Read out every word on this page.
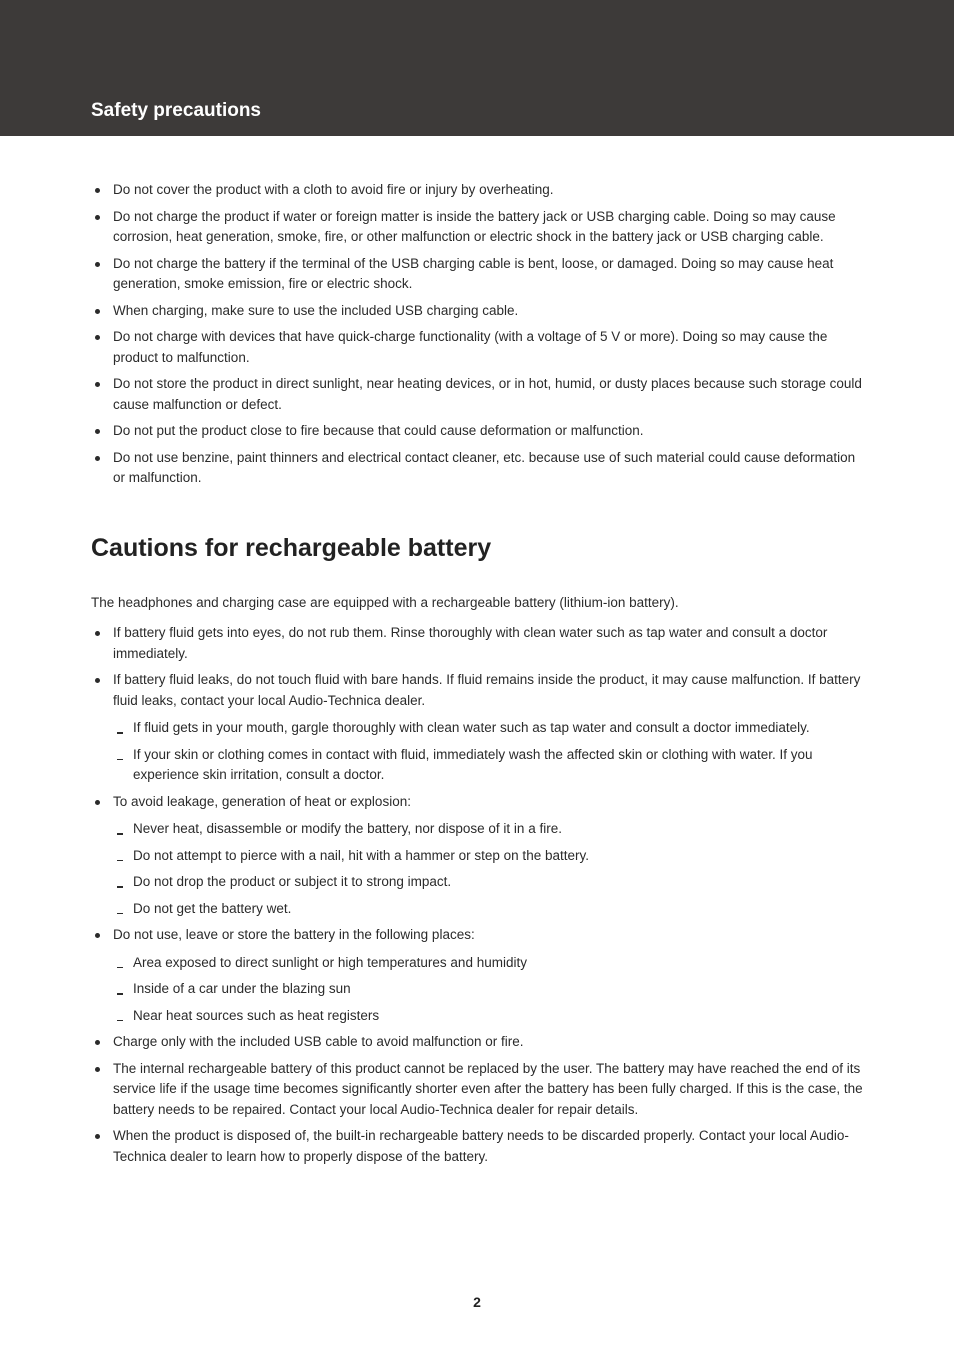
Safety precautions
Do not cover the product with a cloth to avoid fire or injury by overheating.
Do not charge the product if water or foreign matter is inside the battery jack or USB charging cable. Doing so may cause corrosion, heat generation, smoke, fire, or other malfunction or electric shock in the battery jack or USB charging cable.
Do not charge the battery if the terminal of the USB charging cable is bent, loose, or damaged. Doing so may cause heat generation, smoke emission, fire or electric shock.
When charging, make sure to use the included USB charging cable.
Do not charge with devices that have quick-charge functionality (with a voltage of 5 V or more). Doing so may cause the product to malfunction.
Do not store the product in direct sunlight, near heating devices, or in hot, humid, or dusty places because such storage could cause malfunction or defect.
Do not put the product close to fire because that could cause deformation or malfunction.
Do not use benzine, paint thinners and electrical contact cleaner, etc. because use of such material could cause deformation or malfunction.
Cautions for rechargeable battery

The headphones and charging case are equipped with a rechargeable battery (lithium-ion battery).

If battery fluid gets into eyes, do not rub them. Rinse thoroughly with clean water such as tap water and consult a doctor immediately.
If battery fluid leaks, do not touch fluid with bare hands. If fluid remains inside the product, it may cause malfunction. If battery fluid leaks, contact your local Audio-Technica dealer.
If fluid gets in your mouth, gargle thoroughly with clean water such as tap water and consult a doctor immediately.
If your skin or clothing comes in contact with fluid, immediately wash the affected skin or clothing with water. If you experience skin irritation, consult a doctor.
To avoid leakage, generation of heat or explosion:
Never heat, disassemble or modify the battery, nor dispose of it in a fire.
Do not attempt to pierce with a nail, hit with a hammer or step on the battery.
Do not drop the product or subject it to strong impact.
Do not get the battery wet.
Do not use, leave or store the battery in the following places:
Area exposed to direct sunlight or high temperatures and humidity
Inside of a car under the blazing sun
Near heat sources such as heat registers
Charge only with the included USB cable to avoid malfunction or fire.
The internal rechargeable battery of this product cannot be replaced by the user. The battery may have reached the end of its service life if the usage time becomes significantly shorter even after the battery has been fully charged. If this is the case, the battery needs to be repaired. Contact your local Audio-Technica dealer for repair details.
When the product is disposed of, the built-in rechargeable battery needs to be discarded properly. Contact your local Audio-Technica dealer to learn how to properly dispose of the battery.
2
